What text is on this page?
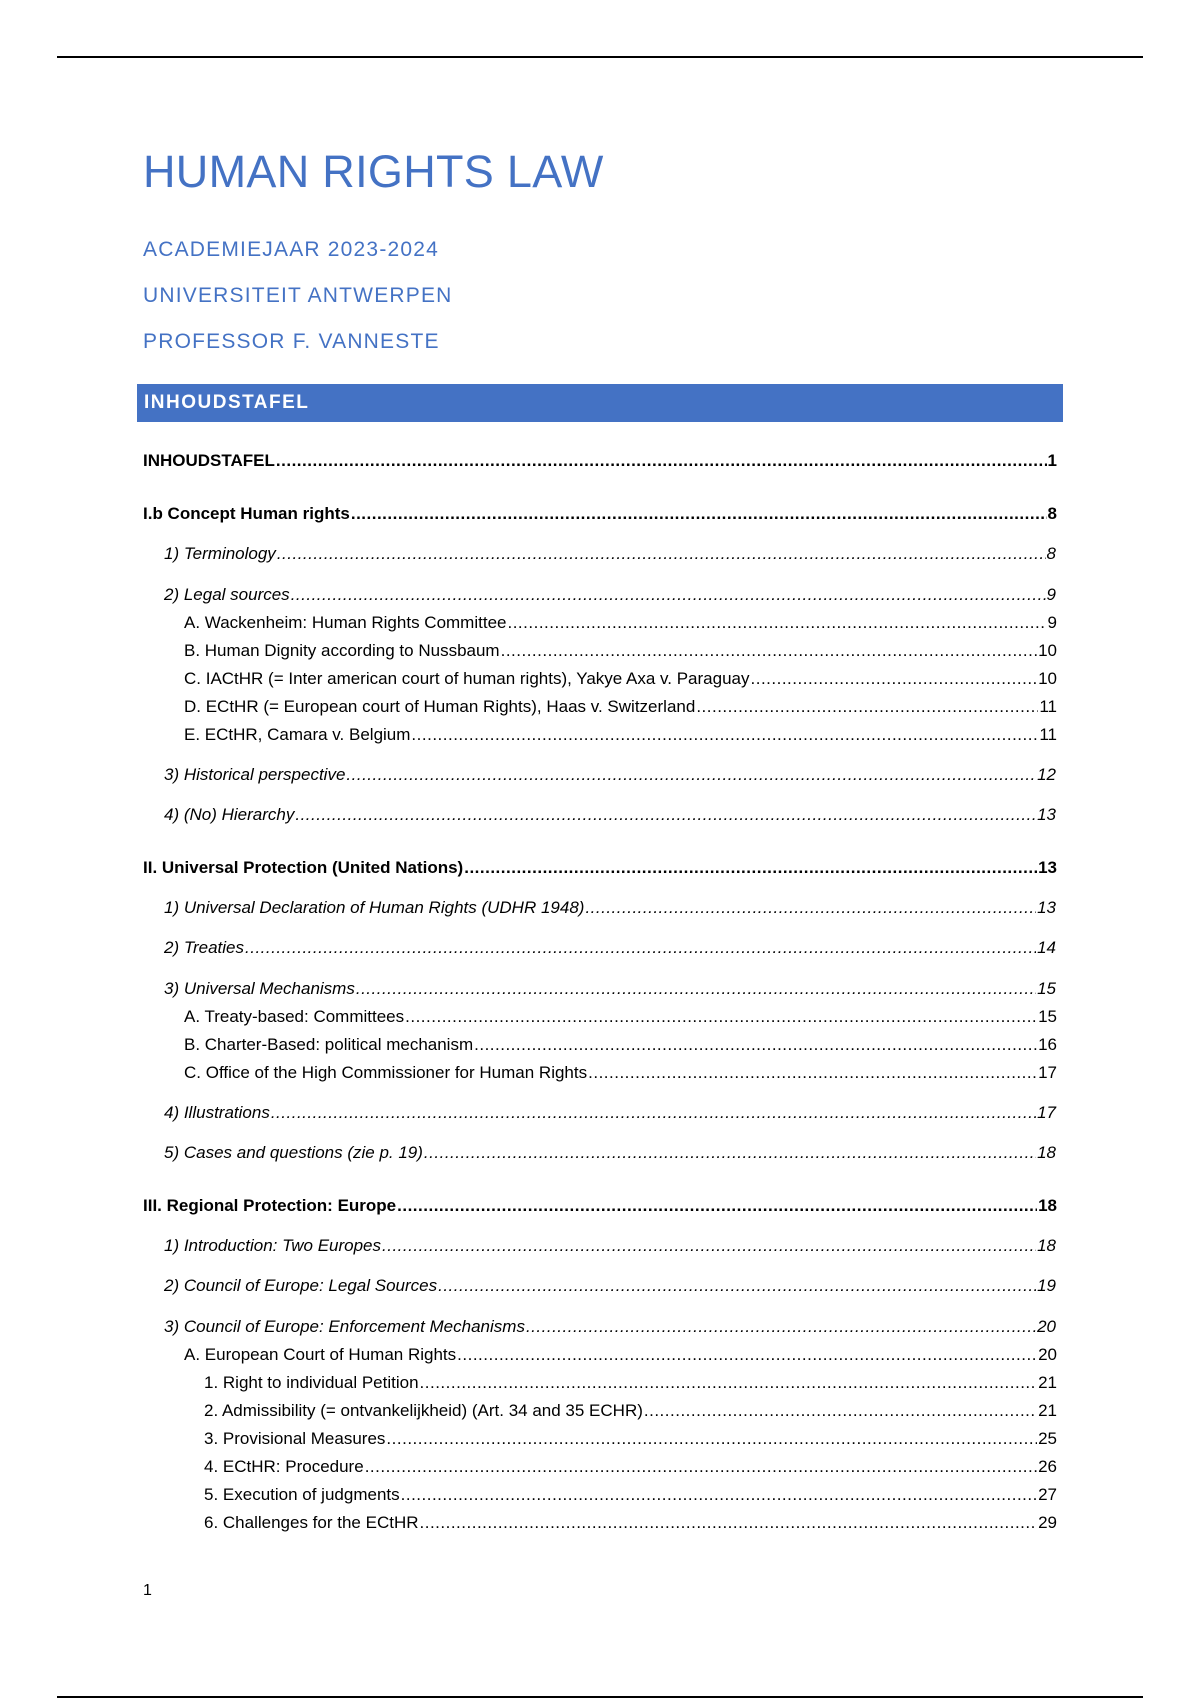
HUMAN RIGHTS LAW
ACADEMIEJAAR 2023-2024
UNIVERSITEIT ANTWERPEN
PROFESSOR F. VANNESTE
INHOUDSTAFEL
INHOUDSTAFEL .....	1
I.b Concept Human rights .....	8
1) Terminology .....	8
2) Legal sources .....	9
A. Wackenheim: Human Rights Committee .....	9
B. Human Dignity according to Nussbaum .....	10
C. IACtHR (= Inter american court of human rights), Yakye Axa v. Paraguay .....	10
D. ECtHR (= European court of Human Rights), Haas v. Switzerland .....	11
E. ECtHR, Camara v. Belgium .....	11
3) Historical perspective .....	12
4) (No) Hierarchy .....	13
II. Universal Protection (United Nations) .....	13
1) Universal Declaration of Human Rights (UDHR 1948) .....	13
2) Treaties .....	14
3) Universal Mechanisms .....	15
A. Treaty-based: Committees .....	15
B. Charter-Based: political mechanism .....	16
C. Office of the High Commissioner for Human Rights .....	17
4) Illustrations .....	17
5) Cases and questions (zie p. 19) .....	18
III. Regional Protection: Europe .....	18
1) Introduction: Two Europes .....	18
2) Council of Europe: Legal Sources .....	19
3) Council of Europe: Enforcement Mechanisms .....	20
A. European Court of Human Rights .....	20
1. Right to individual Petition .....	21
2. Admissibility (= ontvankelijkheid) (Art. 34 and 35 ECHR) .....	21
3. Provisional Measures .....	25
4. ECtHR: Procedure .....	26
5. Execution of judgments .....	27
6. Challenges for the ECtHR .....	29
1
